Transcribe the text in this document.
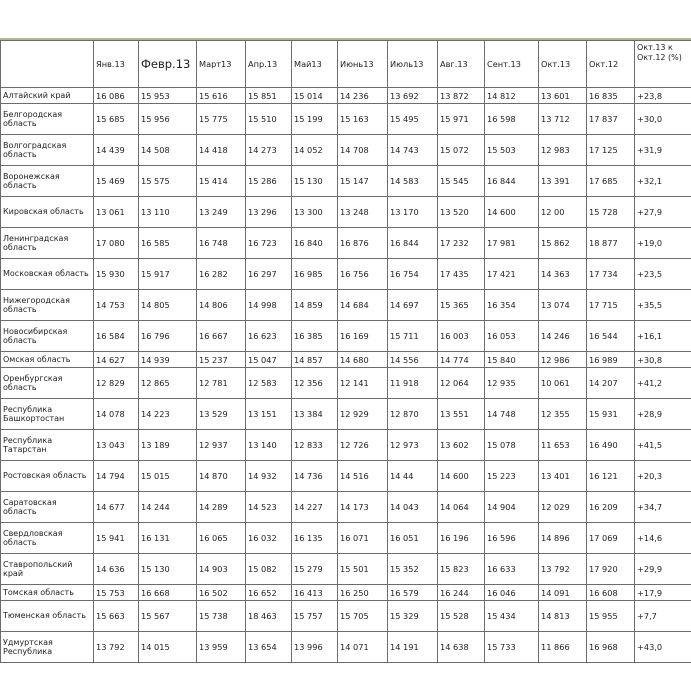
	Янв.13	Февр.13	Март13	Апр.13	Май13	Июнь13	Июль13	Авг.13	Сент.13	Окт.13	Окт.12	Окт.13 к Окт.12 (%)
Алтайский край	16 086	15 953	15 616	15 851	15 014	14 236	13 692	13 872	14 812	13 601	16 835	+23,8
Белгородская область	15 685	15 956	15 775	15 510	15 199	15 163	15 495	15 971	16 598	13 712	17 837	+30,0
Волгоградская область	14 439	14 508	14 418	14 273	14 052	14 708	14 743	15 072	15 503	12 983	17 125	+31,9
Воронежская область	15 469	15 575	15 414	15 286	15 130	15 147	14 583	15 545	16 844	13 391	17 685	+32,1
Кировская область	13 061	13 110	13 249	13 296	13 300	13 248	13 170	13 520	14 600	12 00	15 728	+27,9
Ленинградская область	17 080	16 585	16 748	16 723	16 840	16 876	16 844	17 232	17 981	15 862	18 877	+19,0
Московская область	15 930	15 917	16 282	16 297	16 985	16 756	16 754	17 435	17 421	14 363	17 734	+23,5
Нижегородская область	14 753	14 805	14 806	14 998	14 859	14 684	14 697	15 365	16 354	13 074	17 715	+35,5
Новосибирская область	16 584	16 796	16 667	16 623	16 385	16 169	15 711	16 003	16 053	14 246	16 544	+16,1
Омская область	14 627	14 939	15 237	15 047	14 857	14 680	14 556	14 774	15 840	12 986	16 989	+30,8
Оренбургская область	12 829	12 865	12 781	12 583	12 356	12 141	11 918	12 064	12 935	10 061	14 207	+41,2
Республика Башкортостан	14 078	14 223	13 529	13 151	13 384	12 929	12 870	13 551	14 748	12 355	15 931	+28,9
Республика Татарстан	13 043	13 189	12 937	13 140	12 833	12 726	12 973	13 602	15 078	11 653	16 490	+41,5
Ростовская область	14 794	15 015	14 870	14 932	14 736	14 516	14 44	14 600	15 223	13 401	16 121	+20,3
Саратовская область	14 677	14 244	14 289	14 523	14 227	14 173	14 043	14 064	14 904	12 029	16 209	+34,7
Свердловская область	15 941	16 131	16 065	16 032	16 135	16 071	16 051	16 196	16 596	14 896	17 069	+14,6
Ставропольский край	14 636	15 130	14 903	15 082	15 279	15 501	15 352	15 823	16 633	13 792	17 920	+29,9
Томская область	15 753	16 668	16 502	16 652	16 413	16 250	16 579	16 244	16 046	14 091	16 608	+17,9
Тюменская область	15 663	15 567	15 738	18 463	15 757	15 705	15 329	15 528	15 434	14 813	15 955	+7,7
Удмуртская Республика	13 792	14 015	13 959	13 654	13 996	14 071	14 191	14 638	15 733	11 866	16 968	+43,0
